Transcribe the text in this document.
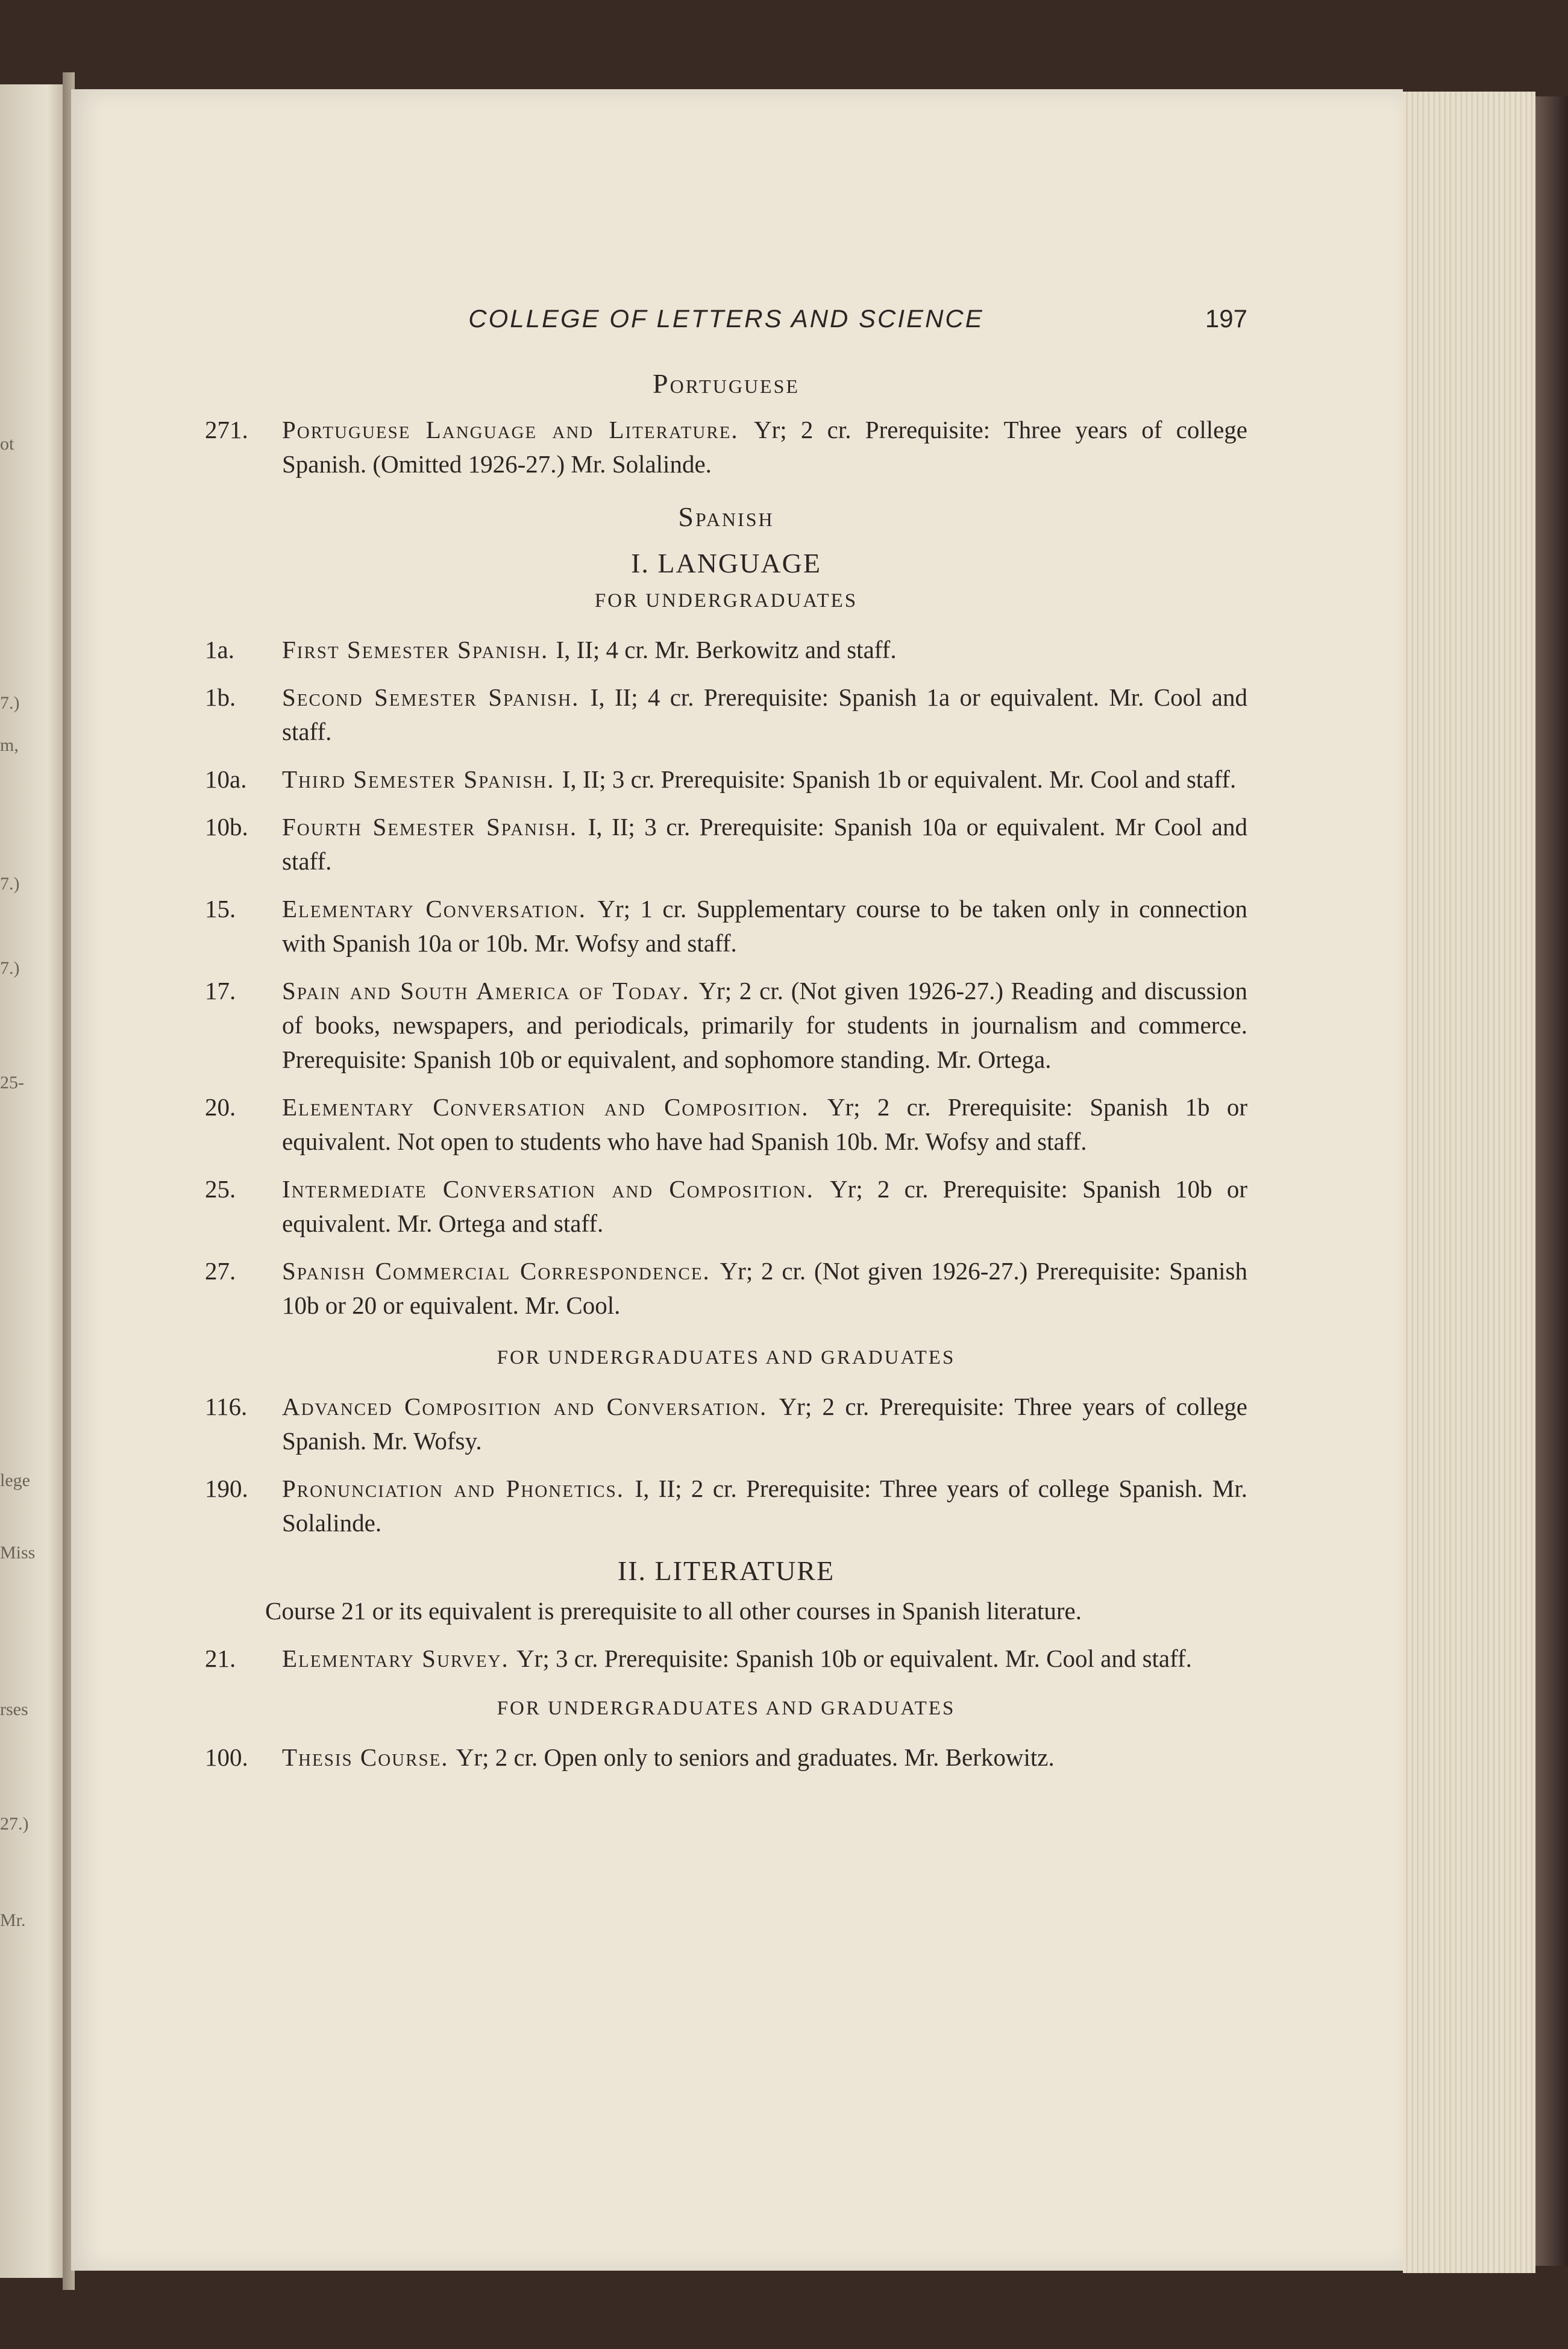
ot
7.)
m,
7.)
7.)
25-
lege
Miss
rses
27.)
Mr.
COLLEGE OF LETTERS AND SCIENCE	197
Portuguese
271.	Portuguese Language and Literature. Yr; 2 cr. Prerequisite: Three years of college Spanish. (Omitted 1926-27.) Mr. Solalinde.
Spanish
I. LANGUAGE
FOR UNDERGRADUATES
1a.	First Semester Spanish. I, II; 4 cr. Mr. Berkowitz and staff.
1b.	Second Semester Spanish. I, II; 4 cr. Prerequisite: Spanish 1a or equivalent. Mr. Cool and staff.
10a.	Third Semester Spanish. I, II; 3 cr. Prerequisite: Spanish 1b or equivalent. Mr. Cool and staff.
10b.	Fourth Semester Spanish. I, II; 3 cr. Prerequisite: Spanish 10a or equivalent. Mr Cool and staff.
15.	Elementary Conversation. Yr; 1 cr. Supplementary course to be taken only in connection with Spanish 10a or 10b. Mr. Wofsy and staff.
17.	Spain and South America of Today. Yr; 2 cr. (Not given 1926-27.) Reading and discussion of books, newspapers, and periodicals, primarily for students in journalism and commerce. Prerequisite: Spanish 10b or equivalent, and sophomore standing. Mr. Ortega.
20.	Elementary Conversation and Composition. Yr; 2 cr. Prerequisite: Spanish 1b or equivalent. Not open to students who have had Spanish 10b. Mr. Wofsy and staff.
25.	Intermediate Conversation and Composition. Yr; 2 cr. Prerequisite: Spanish 10b or equivalent. Mr. Ortega and staff.
27.	Spanish Commercial Correspondence. Yr; 2 cr. (Not given 1926-27.) Prerequisite: Spanish 10b or 20 or equivalent. Mr. Cool.
FOR UNDERGRADUATES AND GRADUATES
116.	Advanced Composition and Conversation. Yr; 2 cr. Prerequisite: Three years of college Spanish. Mr. Wofsy.
190.	Pronunciation and Phonetics. I, II; 2 cr. Prerequisite: Three years of college Spanish. Mr. Solalinde.
II. LITERATURE
Course 21 or its equivalent is prerequisite to all other courses in Spanish literature.
21.	Elementary Survey. Yr; 3 cr. Prerequisite: Spanish 10b or equivalent. Mr. Cool and staff.
FOR UNDERGRADUATES AND GRADUATES
100.	Thesis Course. Yr; 2 cr. Open only to seniors and graduates. Mr. Berkowitz.
